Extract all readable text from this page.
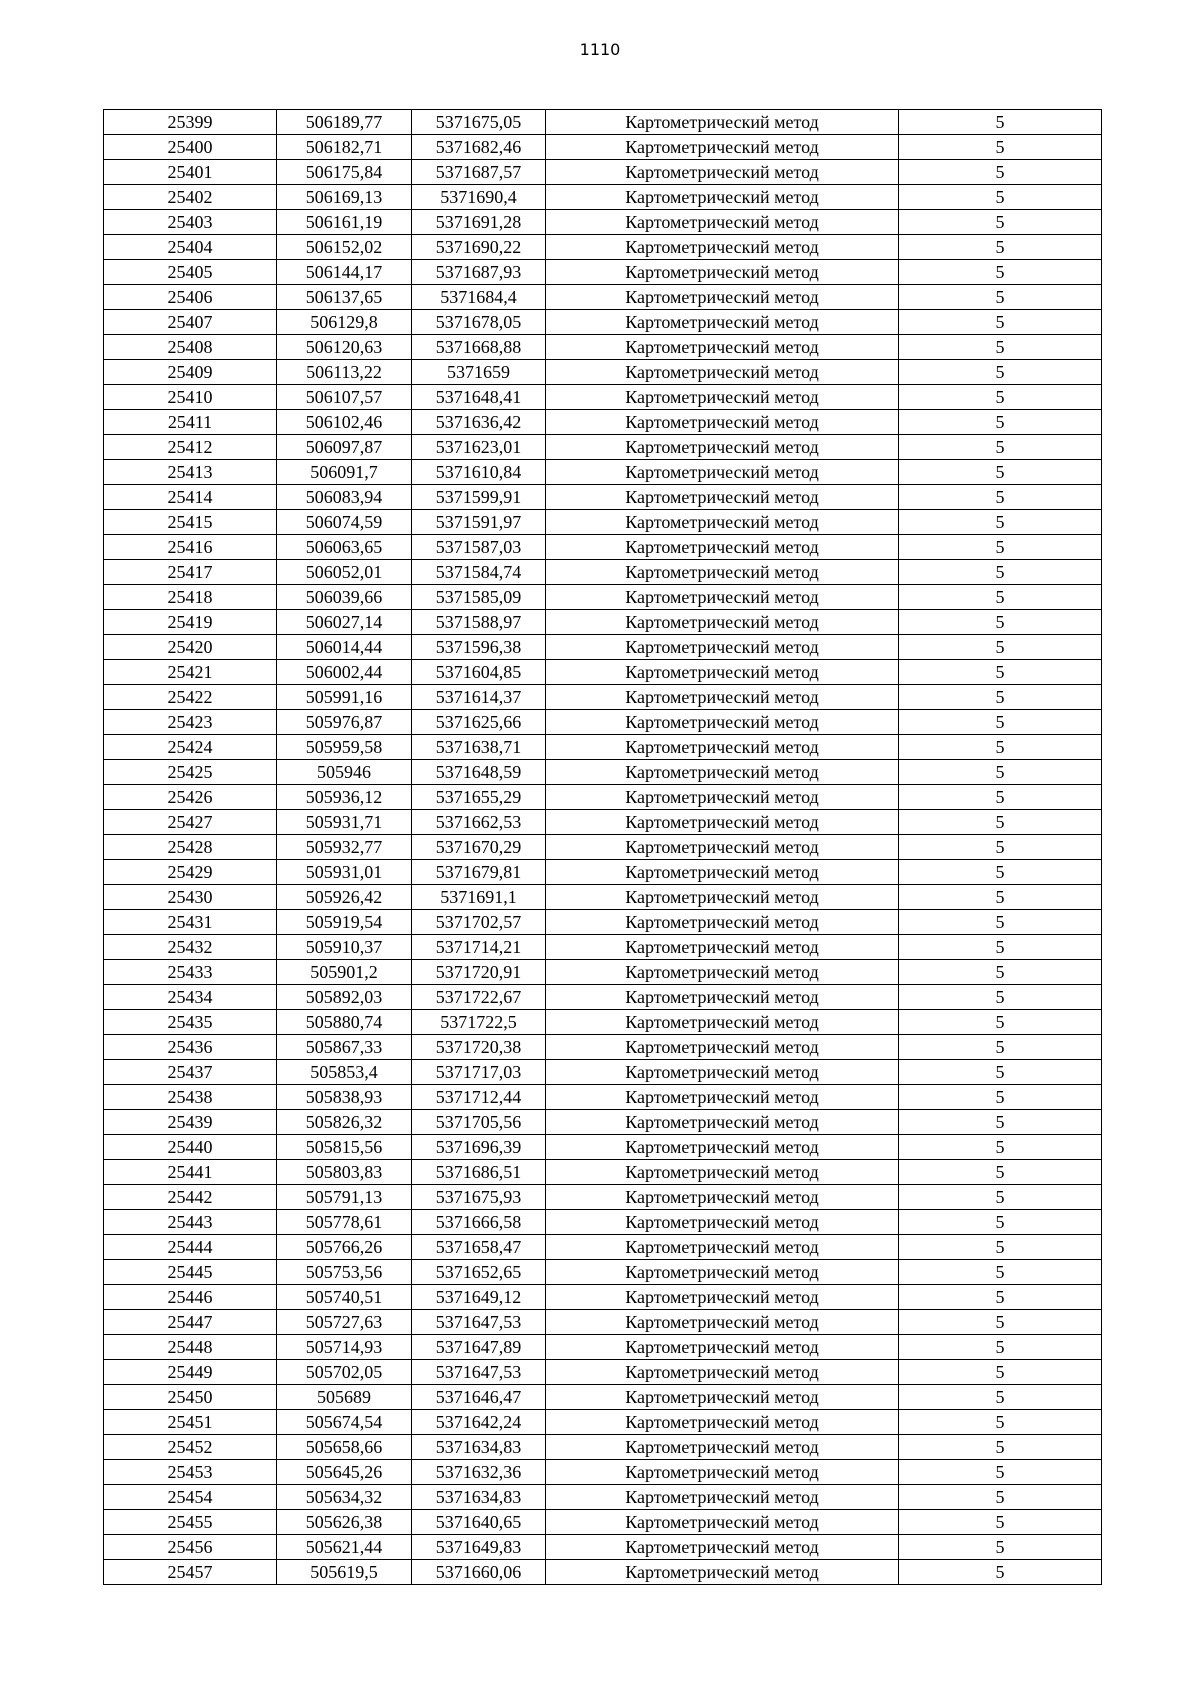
1110
25399	506189,77	5371675,05	Картометрический метод	5
25400	506182,71	5371682,46	Картометрический метод	5
25401	506175,84	5371687,57	Картометрический метод	5
25402	506169,13	5371690,4	Картометрический метод	5
25403	506161,19	5371691,28	Картометрический метод	5
25404	506152,02	5371690,22	Картометрический метод	5
25405	506144,17	5371687,93	Картометрический метод	5
25406	506137,65	5371684,4	Картометрический метод	5
25407	506129,8	5371678,05	Картометрический метод	5
25408	506120,63	5371668,88	Картометрический метод	5
25409	506113,22	5371659	Картометрический метод	5
25410	506107,57	5371648,41	Картометрический метод	5
25411	506102,46	5371636,42	Картометрический метод	5
25412	506097,87	5371623,01	Картометрический метод	5
25413	506091,7	5371610,84	Картометрический метод	5
25414	506083,94	5371599,91	Картометрический метод	5
25415	506074,59	5371591,97	Картометрический метод	5
25416	506063,65	5371587,03	Картометрический метод	5
25417	506052,01	5371584,74	Картометрический метод	5
25418	506039,66	5371585,09	Картометрический метод	5
25419	506027,14	5371588,97	Картометрический метод	5
25420	506014,44	5371596,38	Картометрический метод	5
25421	506002,44	5371604,85	Картометрический метод	5
25422	505991,16	5371614,37	Картометрический метод	5
25423	505976,87	5371625,66	Картометрический метод	5
25424	505959,58	5371638,71	Картометрический метод	5
25425	505946	5371648,59	Картометрический метод	5
25426	505936,12	5371655,29	Картометрический метод	5
25427	505931,71	5371662,53	Картометрический метод	5
25428	505932,77	5371670,29	Картометрический метод	5
25429	505931,01	5371679,81	Картометрический метод	5
25430	505926,42	5371691,1	Картометрический метод	5
25431	505919,54	5371702,57	Картометрический метод	5
25432	505910,37	5371714,21	Картометрический метод	5
25433	505901,2	5371720,91	Картометрический метод	5
25434	505892,03	5371722,67	Картометрический метод	5
25435	505880,74	5371722,5	Картометрический метод	5
25436	505867,33	5371720,38	Картометрический метод	5
25437	505853,4	5371717,03	Картометрический метод	5
25438	505838,93	5371712,44	Картометрический метод	5
25439	505826,32	5371705,56	Картометрический метод	5
25440	505815,56	5371696,39	Картометрический метод	5
25441	505803,83	5371686,51	Картометрический метод	5
25442	505791,13	5371675,93	Картометрический метод	5
25443	505778,61	5371666,58	Картометрический метод	5
25444	505766,26	5371658,47	Картометрический метод	5
25445	505753,56	5371652,65	Картометрический метод	5
25446	505740,51	5371649,12	Картометрический метод	5
25447	505727,63	5371647,53	Картометрический метод	5
25448	505714,93	5371647,89	Картометрический метод	5
25449	505702,05	5371647,53	Картометрический метод	5
25450	505689	5371646,47	Картометрический метод	5
25451	505674,54	5371642,24	Картометрический метод	5
25452	505658,66	5371634,83	Картометрический метод	5
25453	505645,26	5371632,36	Картометрический метод	5
25454	505634,32	5371634,83	Картометрический метод	5
25455	505626,38	5371640,65	Картометрический метод	5
25456	505621,44	5371649,83	Картометрический метод	5
25457	505619,5	5371660,06	Картометрический метод	5
